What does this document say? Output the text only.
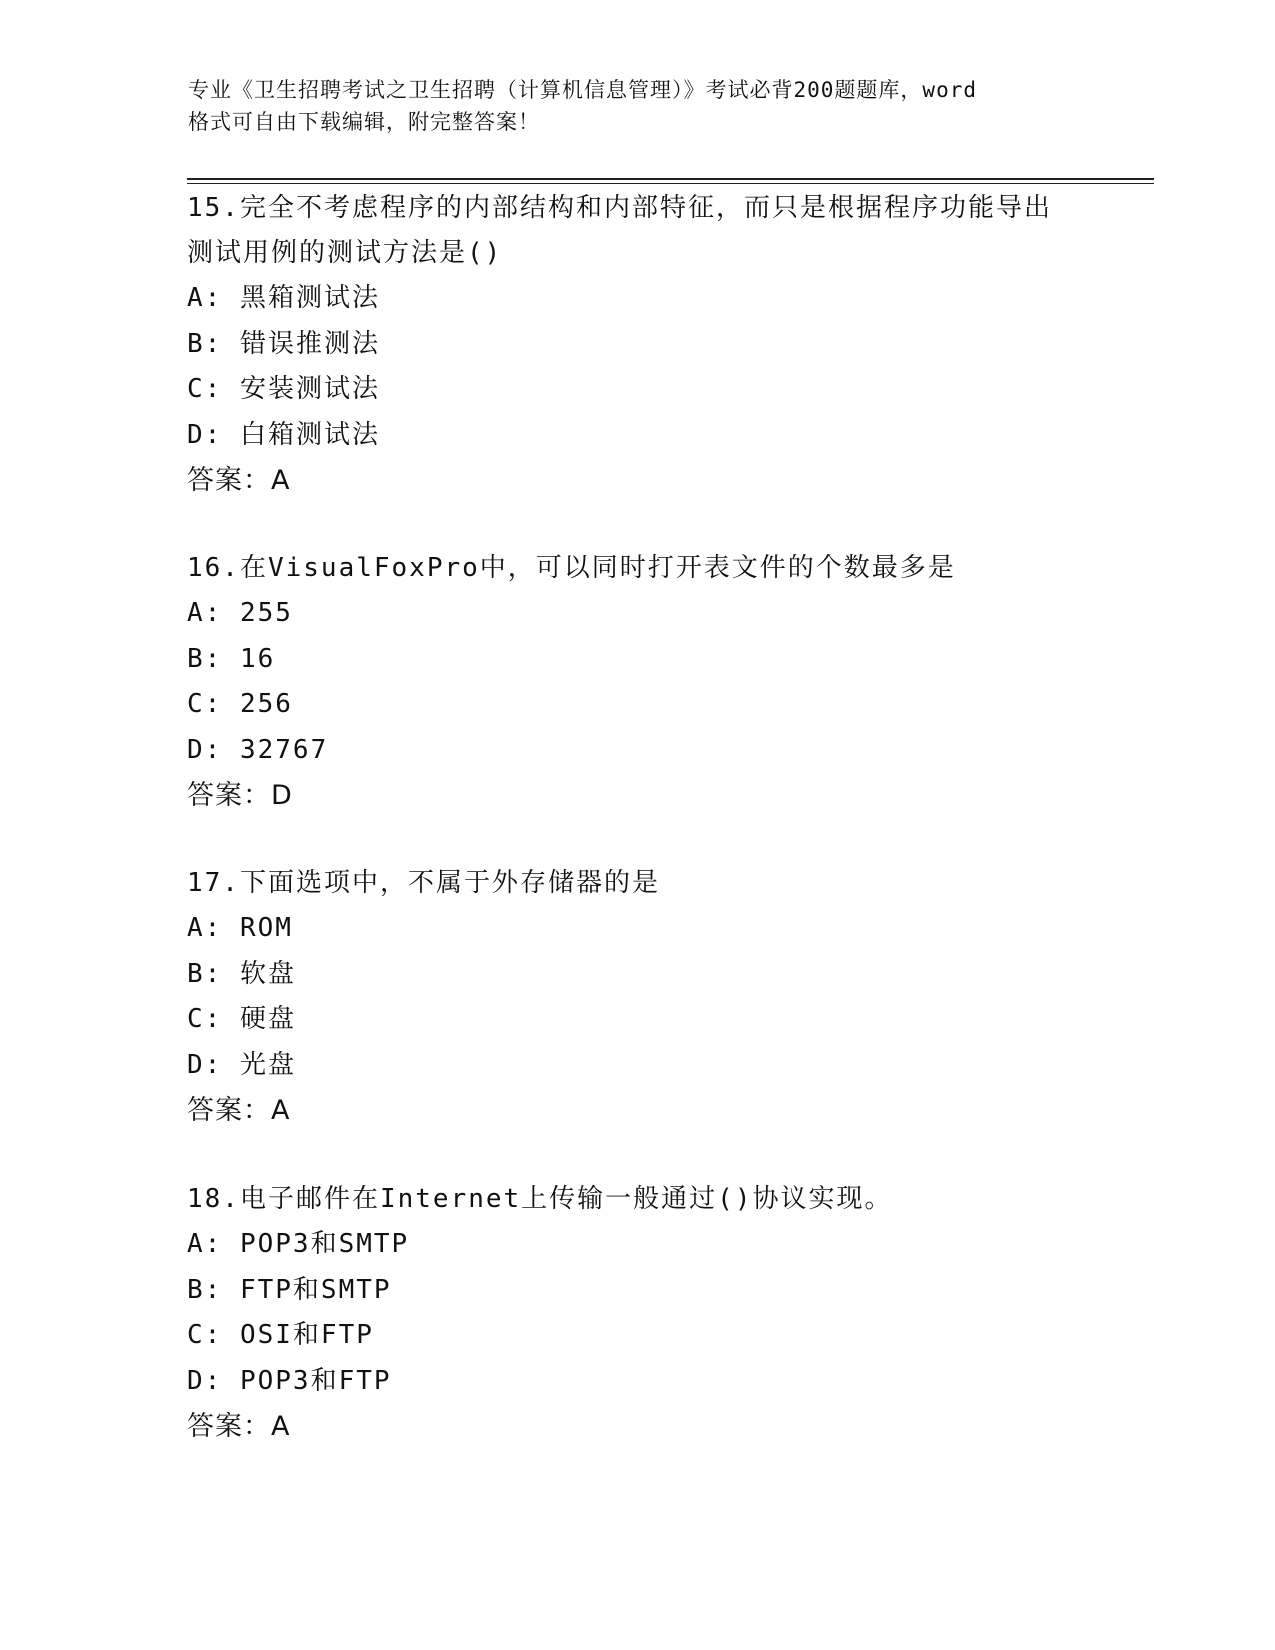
专业《卫生招聘考试之卫生招聘（计算机信息管理）》考试必背200题题库，word
格式可自由下载编辑，附完整答案！
15.完全不考虑程序的内部结构和内部特征，而只是根据程序功能导出
测试用例的测试方法是()
A: 黑箱测试法
B: 错误推测法
C: 安装测试法
D: 白箱测试法
答案：A
16.在VisualFoxPro中，可以同时打开表文件的个数最多是
A: 255
B: 16
C: 256
D: 32767
答案：D
17.下面选项中，不属于外存储器的是
A: ROM
B: 软盘
C: 硬盘
D: 光盘
答案：A
18.电子邮件在Internet上传输一般通过()协议实现。
A: POP3和SMTP
B: FTP和SMTP
C: OSI和FTP
D: POP3和FTP
答案：A
